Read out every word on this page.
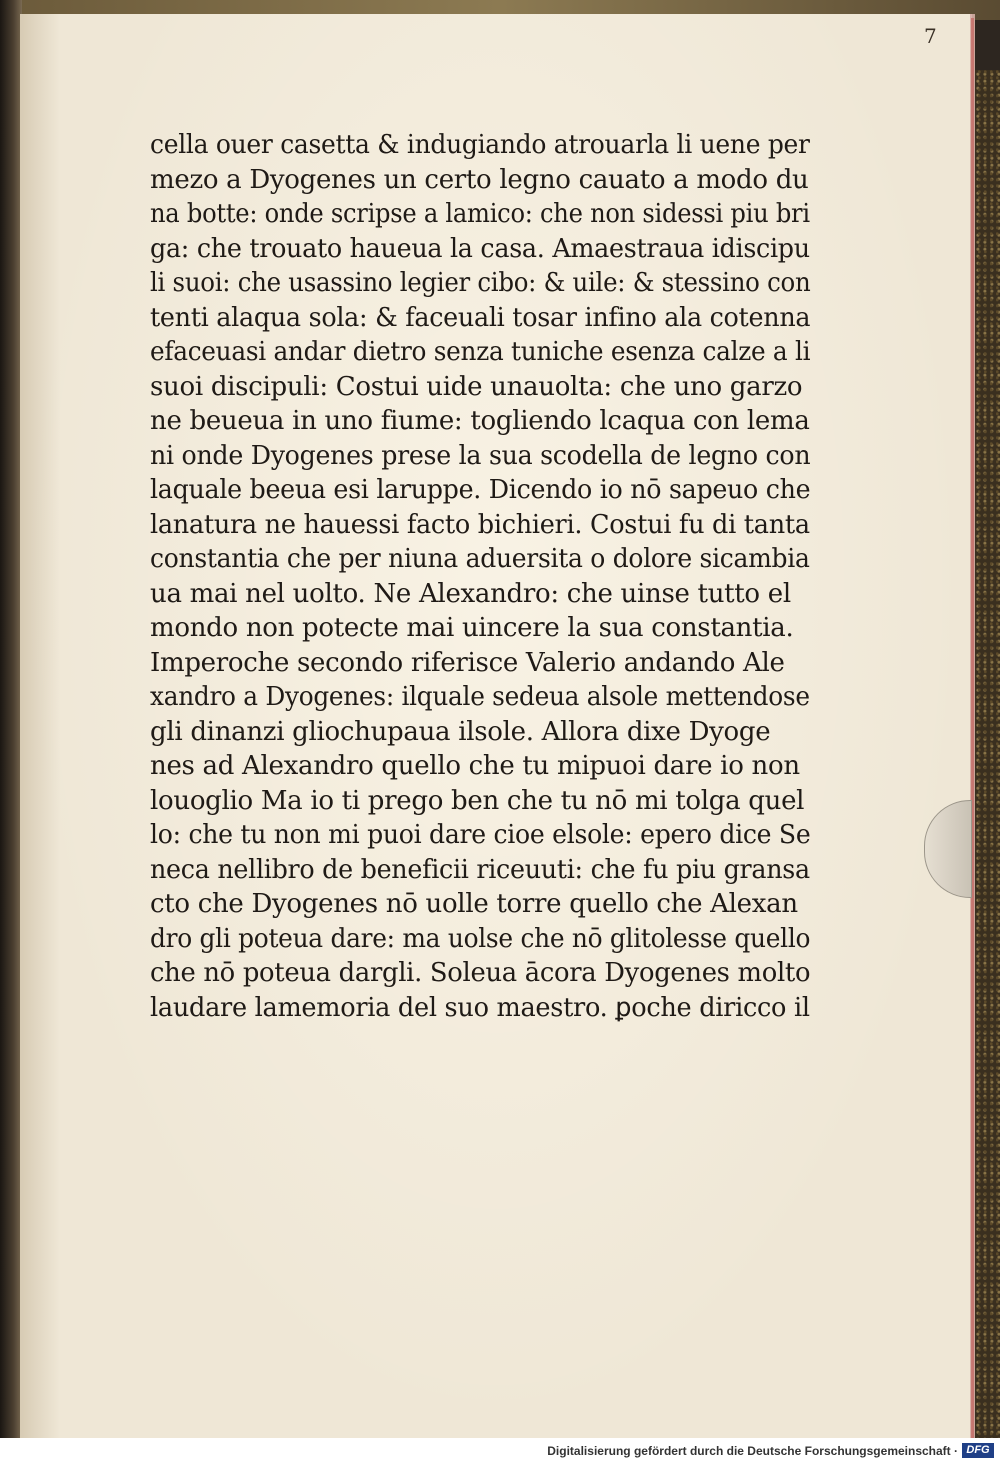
7
cella ouer casetta & indugiando atrouarla li uene per
mezo a Dyogenes un certo legno cauato a modo du
na botte: onde scripse a lamico: che non sidessi piu bri
ga: che trouato haueua la casa. Amaestraua idiscipu
li suoi: che usassino legier cibo: & uile: & stessino con
tenti alaqua sola: & faceuali tosar infino ala cotenna
efaceuasi andar dietro senza tuniche esenza calze a li
suoi discipuli: Costui uide unauolta: che uno garzo
ne beueua in uno fiume: togliendo lcaqua con lema
ni onde Dyogenes prese la sua scodella de legno con
laquale beeua esi laruppe. Dicendo io nō sapeuo che
lanatura ne hauessi facto bichieri. Costui fu di tanta
constantia che per niuna aduersita o dolore sicambia
ua mai nel uolto. Ne Alexandro: che uinse tutto el
mondo non potecte mai uincere la sua constantia.
Imperoche secondo riferisce Valerio andando Ale
xandro a Dyogenes: ilquale sedeua alsole mettendose
gli dinanzi gliochupaua ilsole. Allora dixe Dyoge
nes ad Alexandro quello che tu mipuoi dare io non
louoglio Ma io ti prego ben che tu nō mi tolga quel
lo: che tu non mi puoi dare cioe elsole: epero dice Se
neca nellibro de beneficii riceuuti: che fu piu gransa
cto che Dyogenes nō uolle torre quello che Alexan
dro gli poteua dare: ma uolse che nō glitolesse quello
che nō poteua dargli. Soleua ācora Dyogenes molto
laudare lamemoria del suo maestro. ꝑoche diricco il
Digitalisierung gefördert durch die Deutsche Forschungsgemeinschaft · DFG
